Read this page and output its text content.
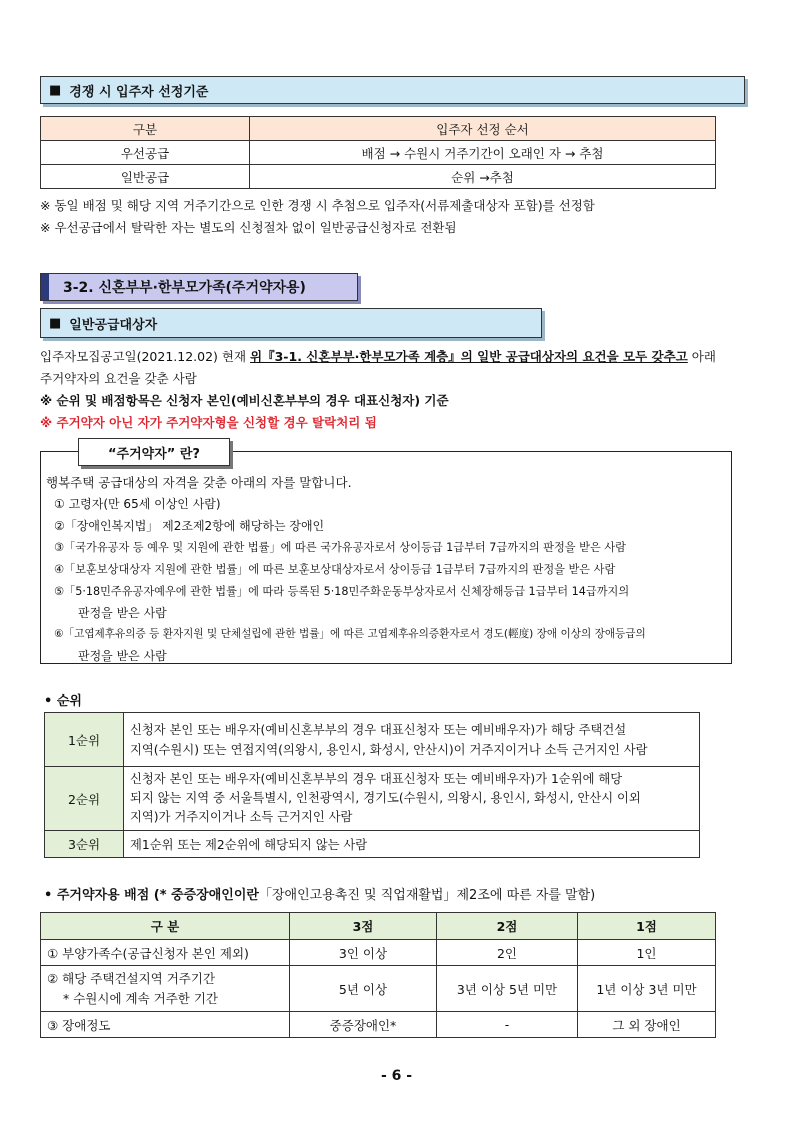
■ 경쟁 시 입주자 선정기준
구분	입주자 선정 순서
우선공급	배점 → 수원시 거주기간이 오래인 자 → 추첨
일반공급	순위 →추첨
※ 동일 배점 및 해당 지역 거주기간으로 인한 경쟁 시 추첨으로 입주자(서류제출대상자 포함)를 선정함
※ 우선공급에서 탈락한 자는 별도의 신청절차 없이 일반공급신청자로 전환됨
3-2. 신혼부부·한부모가족(주거약자용)
■ 일반공급대상자
입주자모집공고일(2021.12.02) 현재 위『3-1. 신혼부부·한부모가족 계층』의 일반 공급대상자의 요건을 모두 갖추고 아래
주거약자의 요건을 갖춘 사람
※ 순위 및 배점항목은 신청자 본인(예비신혼부부의 경우 대표신청자) 기준
※ 주거약자 아닌 자가 주거약자형을 신청할 경우 탈락처리 됨
“주거약자” 란?
행복주택 공급대상의 자격을 갖춘 아래의 자를 말합니다.
① 고령자(만 65세 이상인 사람)
②「장애인복지법」 제2조제2항에 해당하는 장애인
③「국가유공자 등 예우 및 지원에 관한 법률」에 따른 국가유공자로서 상이등급 1급부터 7급까지의 판정을 받은 사람
④「보훈보상대상자 지원에 관한 법률」에 따른 보훈보상대상자로서 상이등급 1급부터 7급까지의 판정을 받은 사람
⑤「5·18민주유공자예우에 관한 법률」에 따라 등록된 5·18민주화운동부상자로서 신체장해등급 1급부터 14급까지의
판정을 받은 사람
⑥「고엽제후유의증 등 환자지원 및 단체설립에 관한 법률」에 따른 고엽제후유의증환자로서 경도(輕度) 장애 이상의 장애등급의
판정을 받은 사람
• 순위
1순위	신청자 본인 또는 배우자(예비신혼부부의 경우 대표신청자 또는 예비배우자)가 해당 주택건설
지역(수원시) 또는 연접지역(의왕시, 용인시, 화성시, 안산시)이 거주지이거나 소득 근거지인 사람

2순위	신청자 본인 또는 배우자(예비신혼부부의 경우 대표신청자 또는 예비배우자)가 1순위에 해당
되지 않는 지역 중 서울특별시, 인천광역시, 경기도(수원시, 의왕시, 용인시, 화성시, 안산시 이외
지역)가 거주지이거나 소득 근거지인 사람

3순위	제1순위 또는 제2순위에 해당되지 않는 사람
• 주거약자용 배점 (* 중증장애인이란「장애인고용촉진 및 직업재활법」제2조에 따른 자를 말함)
구 분	3점	2점	1점
① 부양가족수(공급신청자 본인 제외)	3인 이상	2인	1인

② 해당 주택건설지역 거주기간
* 수원시에 계속 거주한 기간	5년 이상	3년 이상 5년 미만	1년 이상 3년 미만
③ 장애정도	중증장애인*	-	그 외 장애인
- 6 -
